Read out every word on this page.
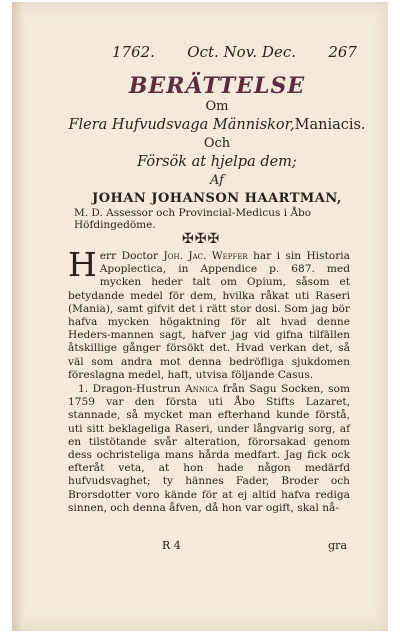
1762. Oct. Nov. Dec. 267
BERÄTTELSE
Om
Flera Hufvudsvaga Människor,Maniacis.
Och
Försök at hjelpa dem;
Af
JOHAN JOHANSON HAARTMAN,
M. D. Assessor och Provincial-Medicus i Åbo Höfdingedöme.
✠✠✠

Herr Doctor Joh. Jac. Wepfer har i sin Historia Apoplectica, in Appendice p. 687. med mycken heder talt om Opium, såsom et betydande medel för dem, hvilka råkat uti Raseri (Mania), samt gifvit det i rätt stor dosi. Som jag bör hafva mycken högaktning för alt hvad denne Heders-mannen sagt, hafver jag vid gifna tilfällen åtskillige gånger försökt det. Hvad verkan det, så väl som andra mot denna bedröfliga sjukdomen föreslagna medel, haft, utvisa följande Casus.

1. Dragon-Hustrun Annica från Sagu Socken, som 1759 var den första uti Åbo Stifts Lazaret, stannade, så mycket man efterhand kunde förstå, uti sitt beklageliga Raseri, under långvarig sorg, af en tilstötande svår alteration, förorsakad genom dess ochristeliga mans hårda medfart. Jag fick ock efteråt veta, at hon hade någon medärfd hufvudsvaghet; ty hännes Fader, Broder och Brorsdotter voro kände för at ej altid hafva rediga sinnen, och denna åfven, då hon var ogift, skal nå-

R 4	gra
